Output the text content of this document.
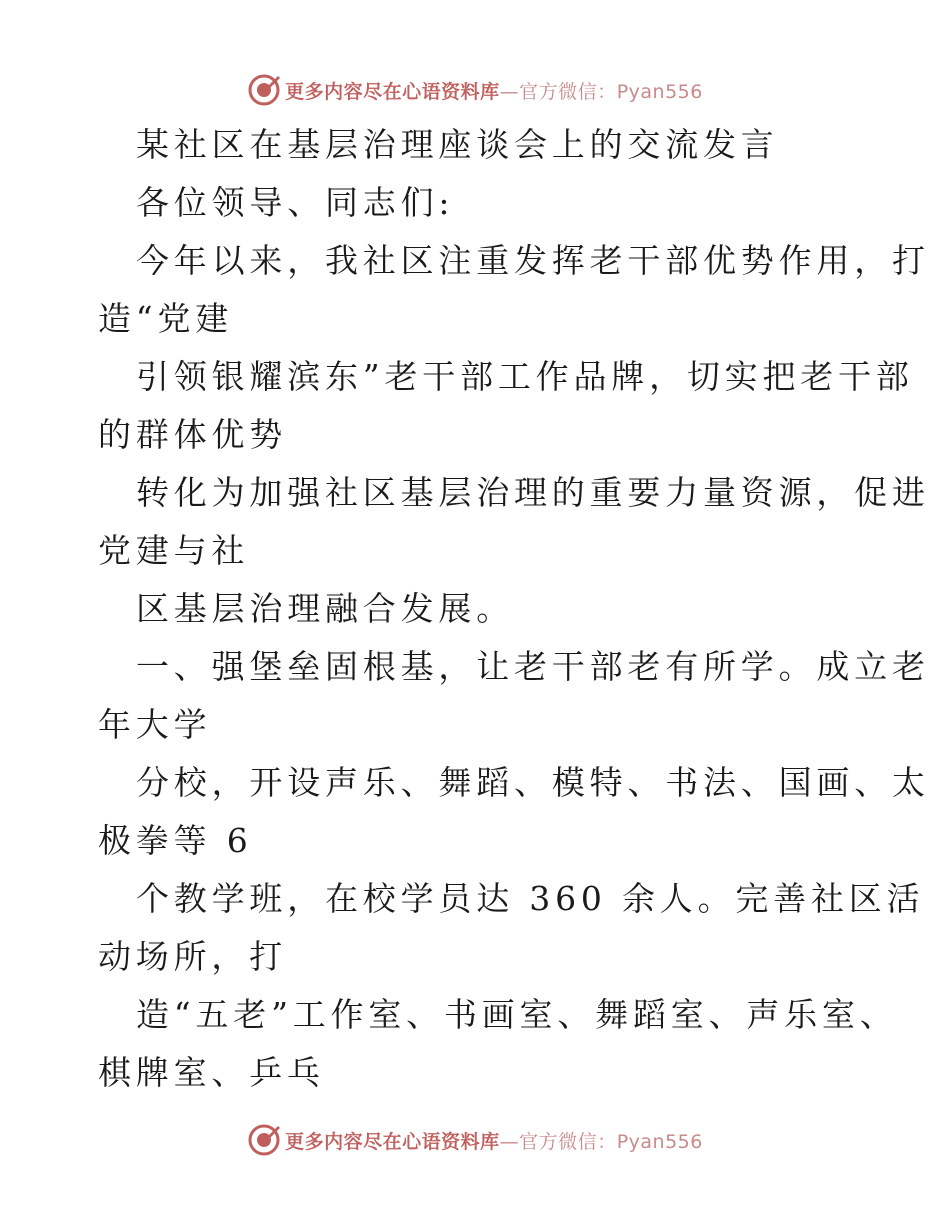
更多内容尽在心语资料库—官方微信：Pyan556
某社区在基层治理座谈会上的交流发言
各位领导、同志们:
今年以来，我社区注重发挥老干部优势作用，打
造“党建
引领银耀滨东”老干部工作品牌，切实把老干部
的群体优势
转化为加强社区基层治理的重要力量资源，促进
党建与社
区基层治理融合发展。
一、强堡垒固根基，让老干部老有所学。成立老
年大学
分校，开设声乐、舞蹈、模特、书法、国画、太
极拳等 6
个教学班，在校学员达 360 余人。完善社区活
动场所，打
造“五老”工作室、书画室、舞蹈室、声乐室、
棋牌室、乒乓
更多内容尽在心语资料库—官方微信：Pyan556
